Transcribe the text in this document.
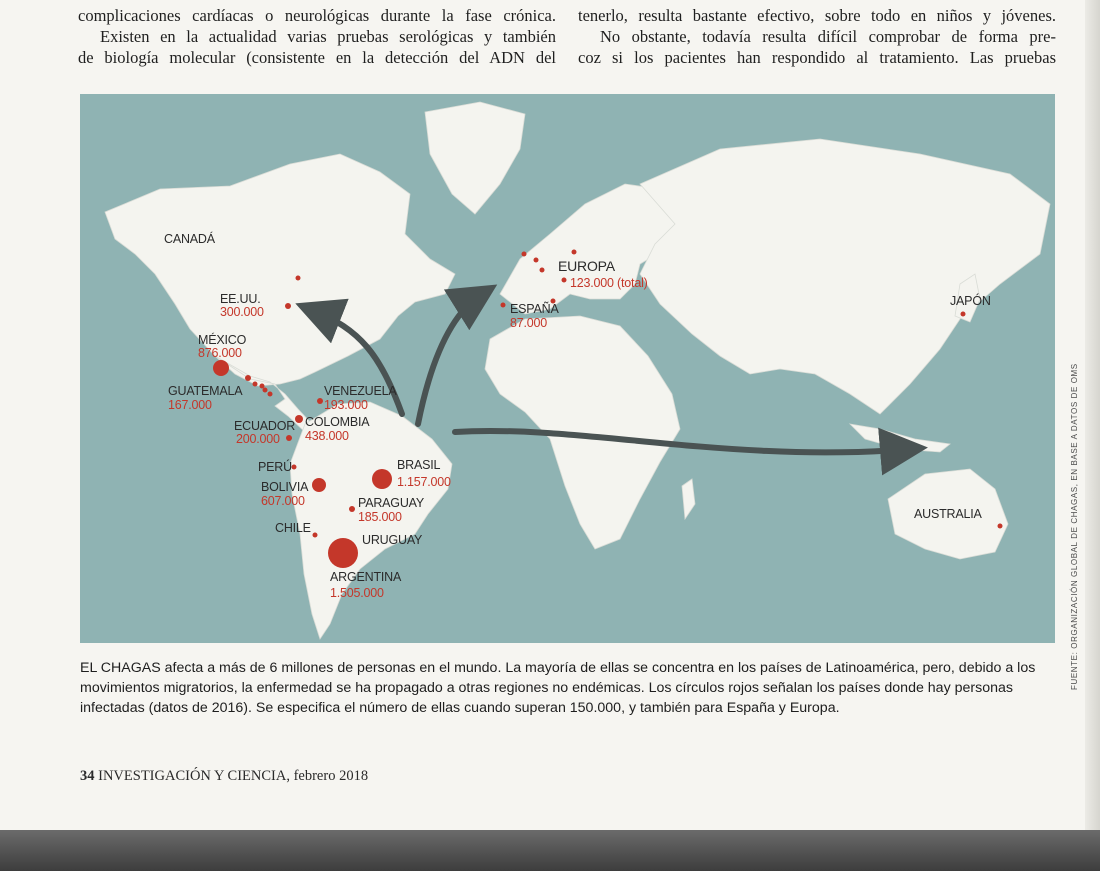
complicaciones cardíacas o neurológicas durante la fase crónica.

Existen en la actualidad varias pruebas serológicas y también

de biología molecular (consistente en la detección del ADN del

tenerlo, resulta bastante efectivo, sobre todo en niños y jóvenes.

No obstante, todavía resulta difícil comprobar de forma pre-

coz si los pacientes han respondido al tratamiento. Las pruebas

CANADÁ
EE.UU.
300.000
MÉXICO
876.000
GUATEMALA
167.000
VENEZUELA
193.000
ECUADOR
200.000
COLOMBIA
438.000
PERÚ
BOLIVIA
607.000
BRASIL
1.157.000
PARAGUAY
185.000
CHILE
URUGUAY
ARGENTINA
1.505.000
EUROPA
123.000 (total)
ESPAÑA
87.000
JAPÓN
AUSTRALIA
EL CHAGAS afecta a más de 6 millones de personas en el mundo. La mayoría de ellas se concentra en los países de Latinoamérica, pero, debido a los movimientos migratorios, la enfermedad se ha propagado a otras regiones no endémicas. Los círculos rojos señalan los países donde hay personas infectadas (datos de 2016). Se especifica el número de ellas cuando superan 150.000, y también para España y Europa.
34 INVESTIGACIÓN Y CIENCIA, febrero 2018
FUENTE: ORGANIZACIÓN GLOBAL DE CHAGAS, EN BASE A DATOS DE OMS
